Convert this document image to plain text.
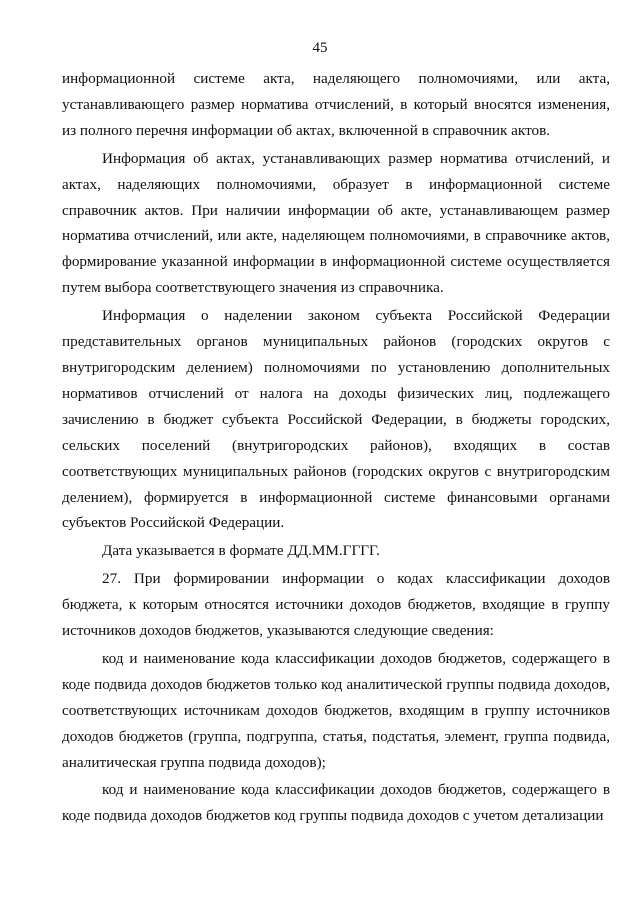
45

информационной системе акта, наделяющего полномочиями, или акта, устанавливающего размер норматива отчислений, в который вносятся изменения, из полного перечня информации об актах, включенной в справочник актов.

Информация об актах, устанавливающих размер норматива отчислений, и актах, наделяющих полномочиями, образует в информационной системе справочник актов. При наличии информации об акте, устанавливающем размер норматива отчислений, или акте, наделяющем полномочиями, в справочнике актов, формирование указанной информации в информационной системе осуществляется путем выбора соответствующего значения из справочника.

Информация о наделении законом субъекта Российской Федерации представительных органов муниципальных районов (городских округов с внутригородским делением) полномочиями по установлению дополнительных нормативов отчислений от налога на доходы физических лиц, подлежащего зачислению в бюджет субъекта Российской Федерации, в бюджеты городских, сельских поселений (внутригородских районов), входящих в состав соответствующих муниципальных районов (городских округов с внутригородским делением), формируется в информационной системе финансовыми органами субъектов Российской Федерации.

Дата указывается в формате ДД.ММ.ГГГГ.

27. При формировании информации о кодах классификации доходов бюджета, к которым относятся источники доходов бюджетов, входящие в группу источников доходов бюджетов, указываются следующие сведения:

код и наименование кода классификации доходов бюджетов, содержащего в коде подвида доходов бюджетов только код аналитической группы подвида доходов, соответствующих источникам доходов бюджетов, входящим в группу источников доходов бюджетов (группа, подгруппа, статья, подстатья, элемент, группа подвида, аналитическая группа подвида доходов);

код и наименование кода классификации доходов бюджетов, содержащего в коде подвида доходов бюджетов код группы подвида доходов с учетом детализации
